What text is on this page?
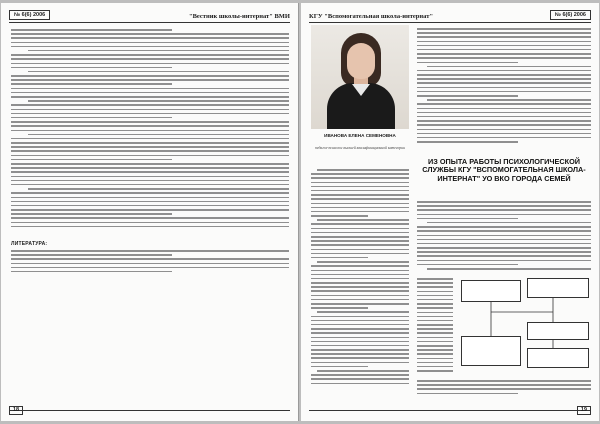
№ 6(6) 2006	"Вестник школы-интернат" ВМИ
ЛИТЕРАТУРА:
18
КГУ "Вспомогательная школа-интернат"	№ 6(6) 2006
ИВАНОВА ЕЛЕНА СЕМЕНОВНА
педагог-психолог высшей квалификационной категории
ИЗ ОПЫТА РАБОТЫ ПСИХОЛОГИЧЕСКОЙ СЛУЖБЫ КГУ "ВСПОМОГАТЕЛЬНАЯ ШКОЛА-ИНТЕРНАТ" УО ВКО ГОРОДА СЕМЕЙ
19
